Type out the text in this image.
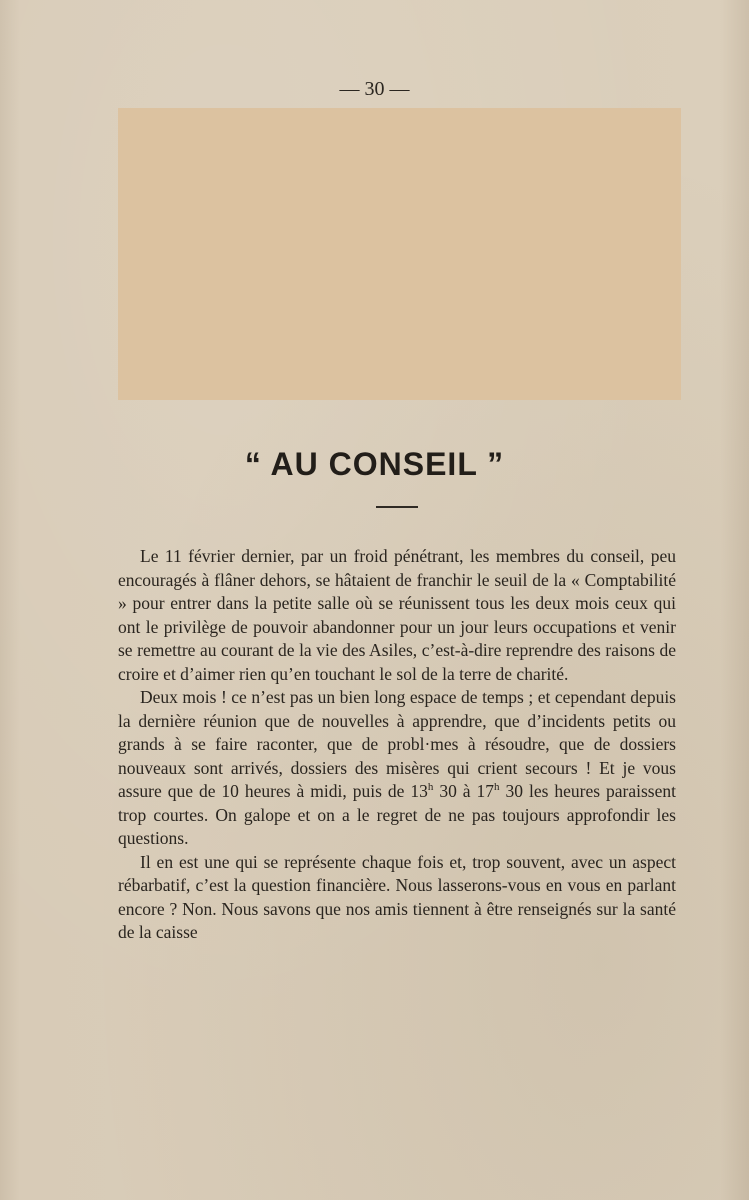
— 30 —
“ AU CONSEIL ”

Le 11 février dernier, par un froid pénétrant, les membres du conseil, peu encouragés à flâner dehors, se hâtaient de franchir le seuil de la « Comptabilité » pour entrer dans la petite salle où se réunissent tous les deux mois ceux qui ont le privilège de pouvoir abandonner pour un jour leurs occupations et venir se remettre au courant de la vie des Asiles, c’est-à-dire reprendre des raisons de croire et d’aimer rien qu’en touchant le sol de la terre de charité.

Deux mois ! ce n’est pas un bien long espace de temps ; et cependant depuis la dernière réunion que de nouvelles à apprendre, que d’incidents petits ou grands à se faire raconter, que de probl·mes à résoudre, que de dossiers nouveaux sont arrivés, dossiers des misères qui crient secours ! Et je vous assure que de 10 heures à midi, puis de 13$^h$ 30 à 17$^h$ 30 les heures paraissent trop courtes. On galope et on a le regret de ne pas toujours approfondir les questions.

Il en est une qui se représente chaque fois et, trop souvent, avec un aspect rébarbatif, c’est la question financière. Nous lasserons-vous en vous en parlant encore ? Non. Nous savons que nos amis tiennent à être renseignés sur la santé de la caisse
